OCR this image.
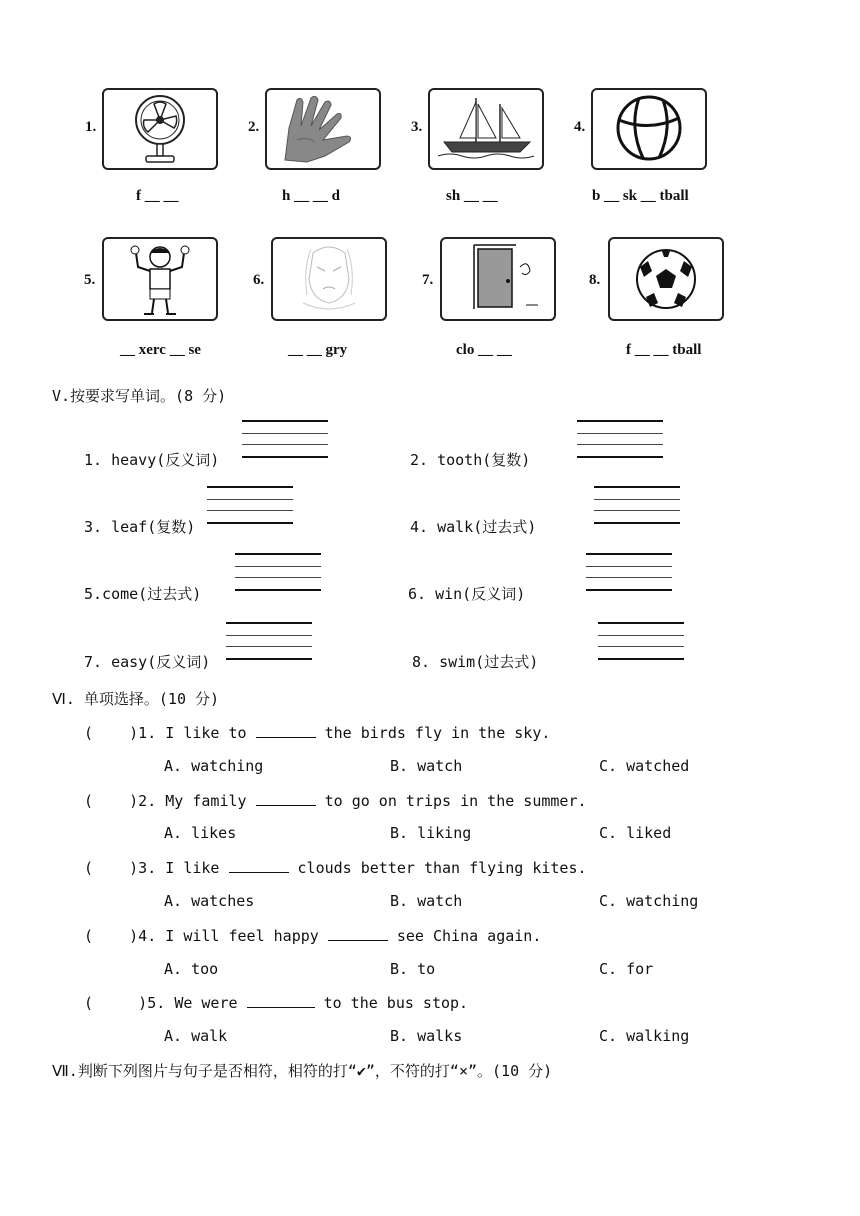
1.	2.	3.	4.
f __ __	h __ __ d	sh __ __	b __ sk __ tball
5.	6.	7.	8.
__ xerc __ se	__ __ gry	clo __ __	f __ __ tball
V.按要求写单词。(8 分)
1. heavy(反义词)	2. tooth(复数)
3. leaf(复数)	4. walk(过去式)
5.come(过去式)	6. win(反义词)
7. easy(反义词)	8. swim(过去式)
Ⅵ. 单项选择。(10 分)
(    )1. I like to	the birds fly in the sky.
A. watching	B. watch	C. watched
(    )2. My family	to go on trips in the summer.
A. likes	B. liking	C. liked
(    )3. I like	clouds better than flying kites.
A. watches	B. watch	C. watching
(    )4. I will feel happy	see China again.
A. too	B. to	C. for
(     )5. We were	to the bus stop.
A. walk	B. walks	C. walking
Ⅶ.判断下列图片与句子是否相符，相符的打“✔”，不符的打“×”。(10 分)
